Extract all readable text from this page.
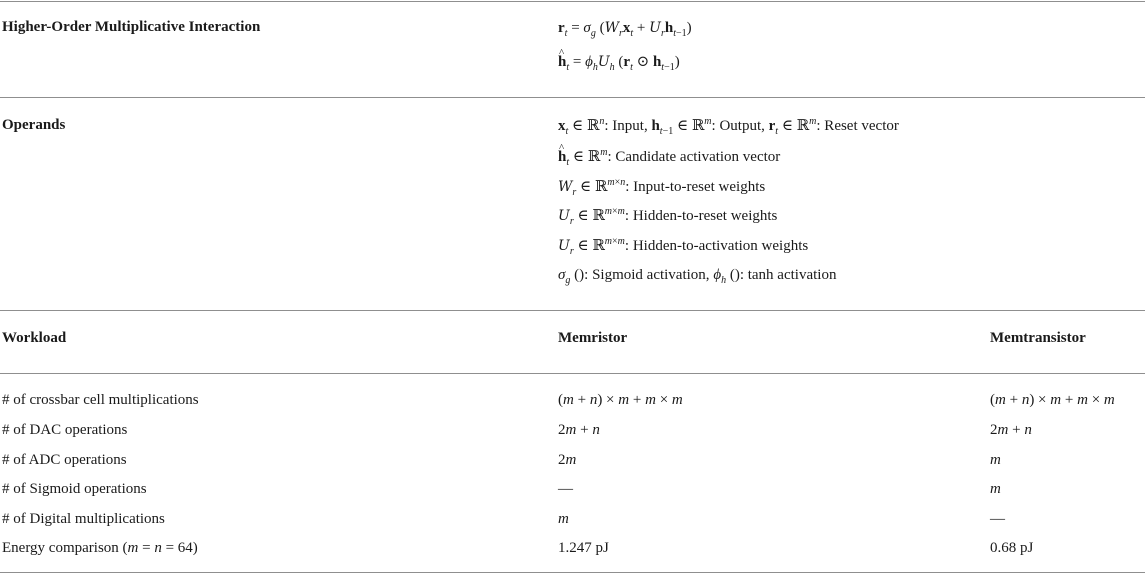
Higher-Order Multiplicative Interaction	$r_t = \sigma_g$ $(W_rx_t + U_rh_{t-1})$
^ $h_t = \phi_hU_h$ ($r_t$ ⊙ $h_{t-1}$)
Operands	$x_t$ ∈ ℝ$^n$: Input, $h_{t-1}$ ∈ ℝ$^m$: Output, $r_t$ ∈ ℝ$^m$: Reset vector
^ $h_t$ ∈ ℝ$^m$: Candidate activation vector
$W_r$ ∈ ℝ$^{m\times n}$: Input-to-reset weights
$U_r$ ∈ ℝ$^{m\times m}$: Hidden-to-reset weights
$U_r$ ∈ ℝ$^{m\times m}$: Hidden-to-activation weights
$\sigma_g$ (): Sigmoid activation, $\phi_h$ (): tanh activation
Workload	Memristor	Memtransistor
# of crossbar cell multiplications	(m + n) × m + m × m	(m + n) × m + m × m
# of DAC operations	2m + n	2m + n
# of ADC operations	2m	m
# of Sigmoid operations	—	m
# of Digital multiplications	m	—
Energy comparison (m = n = 64)	1.247 pJ	0.68 pJ
